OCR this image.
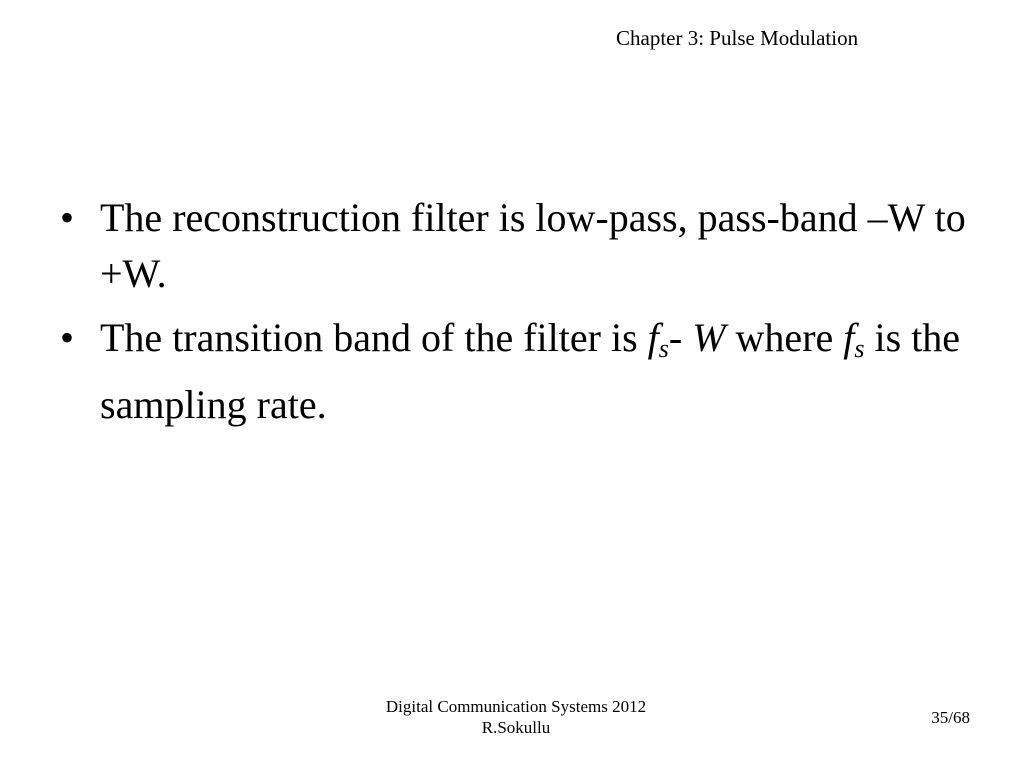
Chapter 3: Pulse Modulation
• The reconstruction filter is low-pass, pass-band –W to +W.
• The transition band of the filter is $f_s-$ W where $f_s$ is the sampling rate.
Digital Communication Systems 2012
R.Sokullu
35/68
